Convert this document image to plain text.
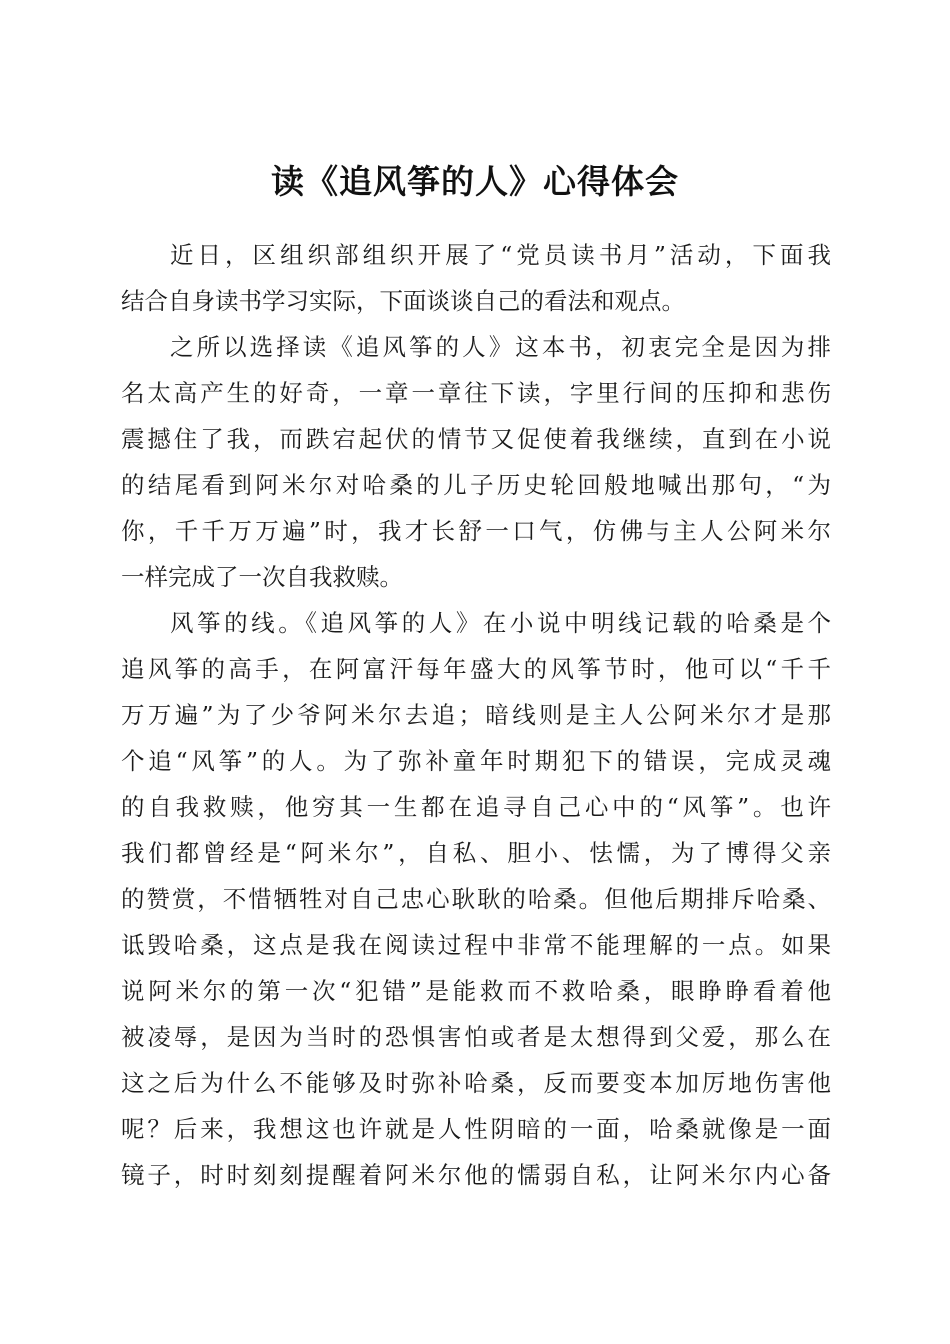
读《追风筝的人》心得体会
近日，区组织部组织开展了“党员读书月”活动，下面我
结合自身读书学习实际，下面谈谈自己的看法和观点。
之所以选择读《追风筝的人》这本书，初衷完全是因为排
名太高产生的好奇，一章一章往下读，字里行间的压抑和悲伤
震撼住了我，而跌宕起伏的情节又促使着我继续，直到在小说
的结尾看到阿米尔对哈桑的儿子历史轮回般地喊出那句，“为
你，千千万万遍”时，我才长舒一口气，仿佛与主人公阿米尔
一样完成了一次自我救赎。
风筝的线。《追风筝的人》在小说中明线记载的哈桑是个
追风筝的高手，在阿富汗每年盛大的风筝节时，他可以“千千
万万遍”为了少爷阿米尔去追；暗线则是主人公阿米尔才是那
个追“风筝”的人。为了弥补童年时期犯下的错误，完成灵魂
的自我救赎，他穷其一生都在追寻自己心中的“风筝”。也许
我们都曾经是“阿米尔”，自私、胆小、怯懦，为了博得父亲
的赞赏，不惜牺牲对自己忠心耿耿的哈桑。但他后期排斥哈桑、
诋毁哈桑，这点是我在阅读过程中非常不能理解的一点。如果
说阿米尔的第一次“犯错”是能救而不救哈桑，眼睁睁看着他
被凌辱，是因为当时的恐惧害怕或者是太想得到父爱，那么在
这之后为什么不能够及时弥补哈桑，反而要变本加厉地伤害他
呢？后来，我想这也许就是人性阴暗的一面，哈桑就像是一面
镜子，时时刻刻提醒着阿米尔他的懦弱自私，让阿米尔内心备
